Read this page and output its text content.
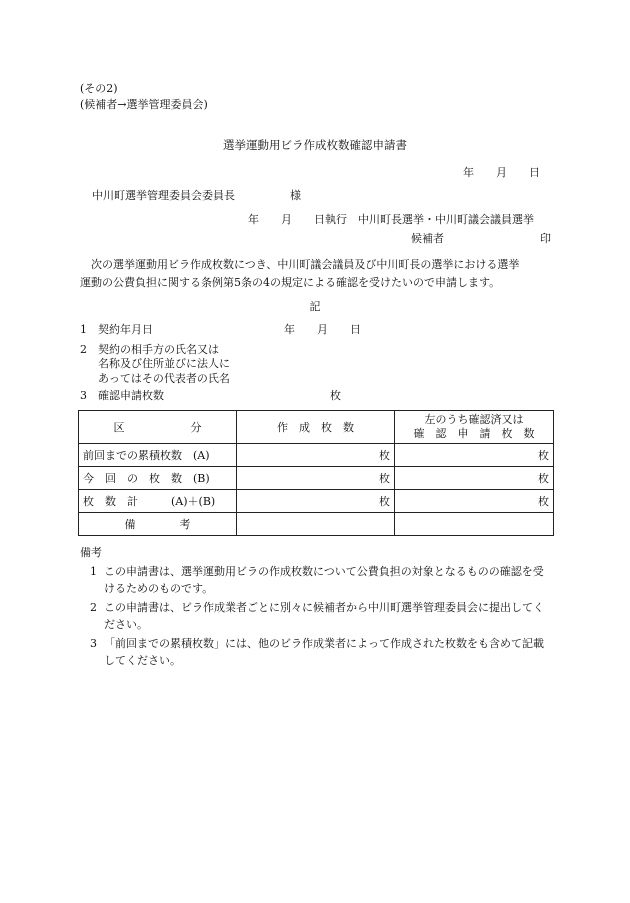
(その2)
(候補者→選挙管理委員会)
選挙運動用ビラ作成枚数確認申請書
年　　月　　日
中川町選挙管理委員会委員長	様
年　　月　　日執行　中川町長選挙・中川町議会議員選挙
候補者	印
　次の選挙運動用ビラ作成枚数につき、中川町議会議員及び中川町長の選挙における選挙
運動の公費負担に関する条例第5条の4の規定による確認を受けたいので申請します。
記
1 契約年月日	年　　月　　日
2 契約の相手方の氏名又は
名称及び住所並びに法人に
あってはその代表者の氏名
3 確認申請枚数	枚
区　　　　　　分	作　成　枚　数	左のうち確認済又は
確　認　申　請　枚　数

前回までの累積枚数　(A)	枚	枚
今　回　の　枚　数　(B)	枚	枚
枚　数　計　　　(A)＋(B)	枚	枚
備　　　　考		
備考
1 この申請書は、選挙運動用ビラの作成枚数について公費負担の対象となるものの確認を受けるためのものです。
2 この申請書は、ビラ作成業者ごとに別々に候補者から中川町選挙管理委員会に提出してください。
3 「前回までの累積枚数」には、他のビラ作成業者によって作成された枚数をも含めて記載してください。
